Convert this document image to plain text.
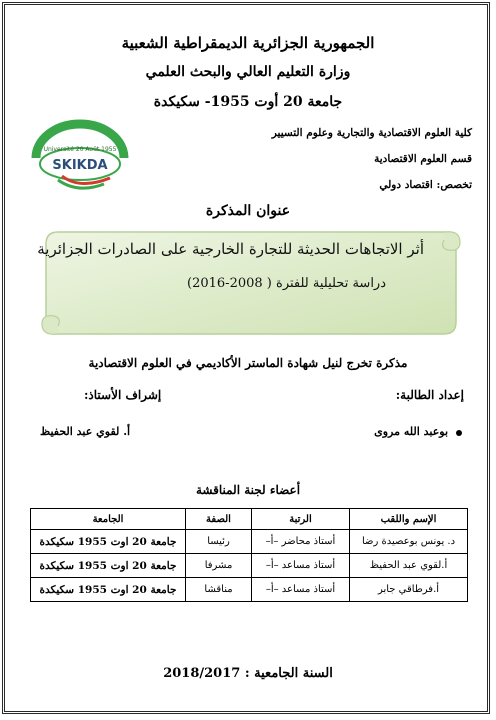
الجمهورية الجزائرية الديمقراطية الشعبية
وزارة التعليم العالي والبحث العلمي
جامعة 20 أوت 1955- سكيكدة
كلية العلوم الاقتصادية والتجارية وعلوم التسيير
قسم العلوم الاقتصادية
تخصص: اقتصاد دولي
Université 20 Août 1955
SKIKDA
عنوان المذكرة
أثر الاتجاهات الحديثة للتجارة الخارجية على الصادرات الجزائرية
دراسة تحليلية للفترة ( 2008-2016)
مذكرة تخرج لنيل شهادة الماستر الأكاديمي في العلوم الاقتصادية
إعداد الطالبة:
إشراف الأستاذ:
بوعبد الله مروى
أ. لقوي عبد الحفيظ
أعضاء لجنة المناقشة
الإسم واللقب	الرتبة	الصفة	الجامعة
د. يونس بوعصيدة رضا	أستاذ محاضر –أ–	رئيسا	جامعة 20 اوت 1955 سكيكدة
أ.لقوي عبد الحفيظ	أستاذ مساعد –أ–	مشرفا	جامعة 20 اوت 1955 سكيكدة
أ.فرطاقي جابر	أستاذ مساعد –أ–	مناقشا	جامعة 20 اوت 1955 سكيكدة
السنة الجامعية : 2018/2017
